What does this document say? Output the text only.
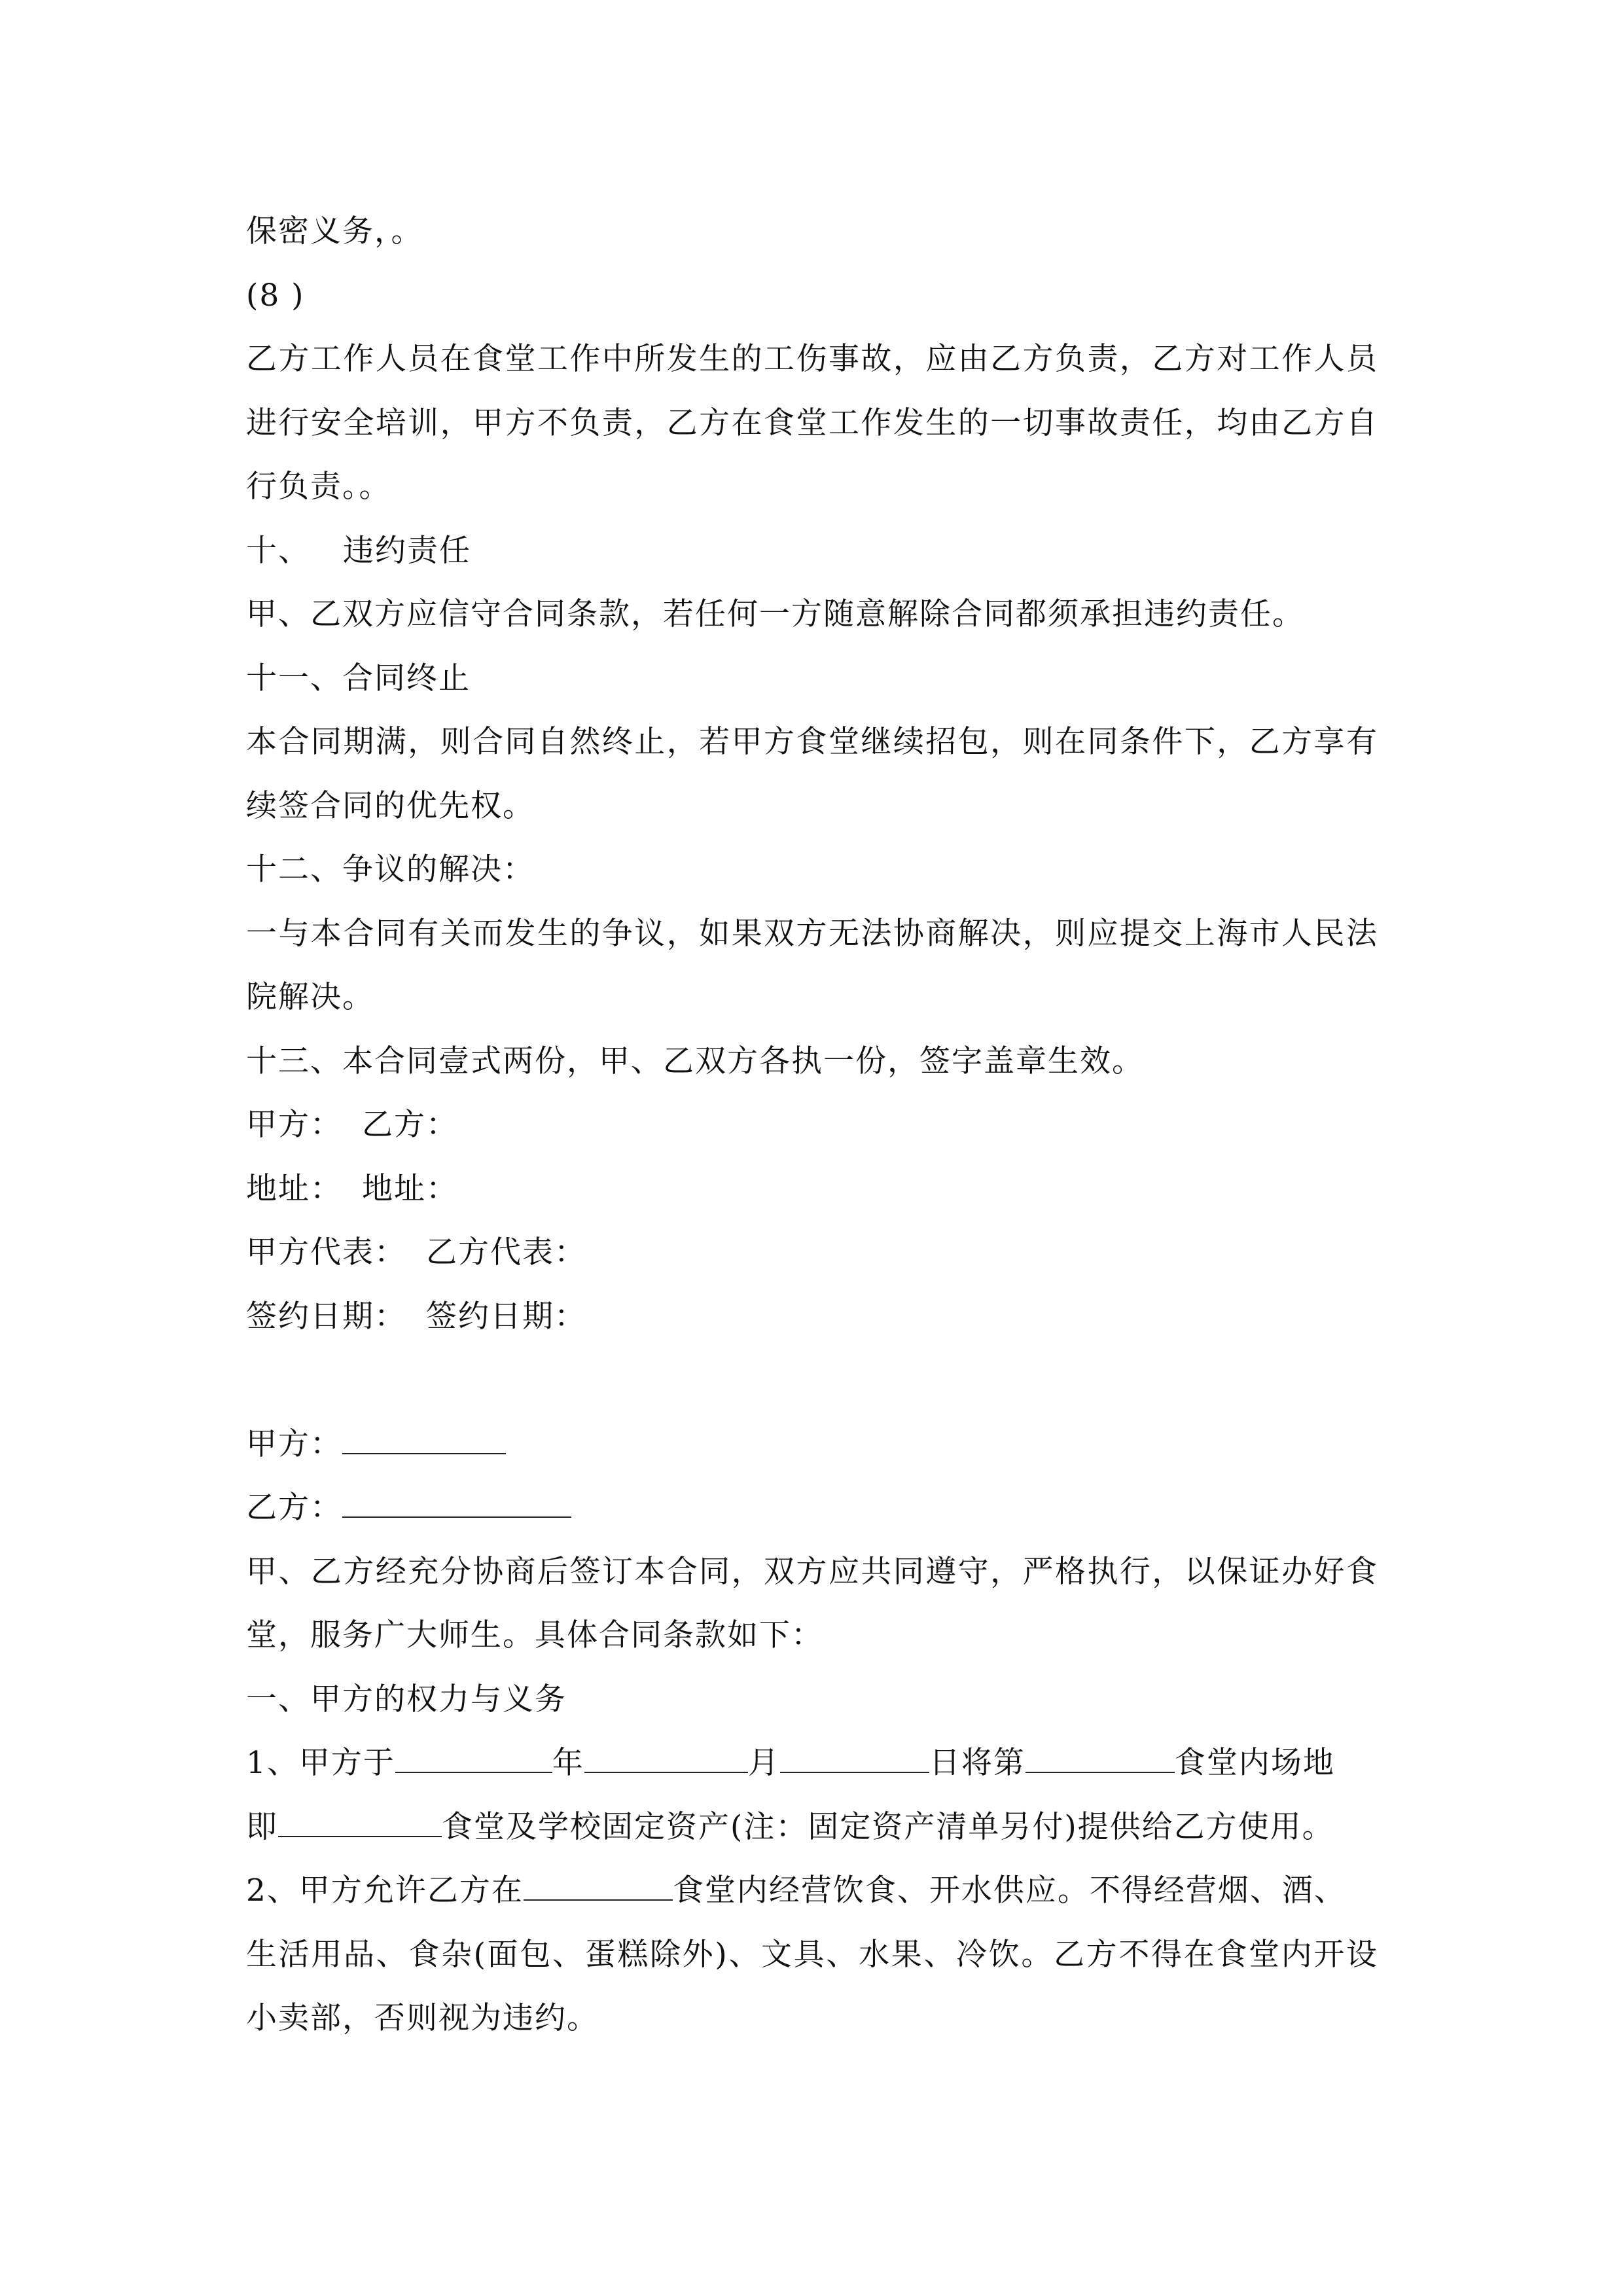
保密义务，。
(8 )
乙方工作人员在食堂工作中所发生的工伤事故，应由乙方负责，乙方对工作人员
进行安全培训，甲方不负责，乙方在食堂工作发生的一切事故责任，均由乙方自
行负责。。
十、 违约责任
甲、乙双方应信守合同条款，若任何一方随意解除合同都须承担违约责任。
十一、合同终止
本合同期满，则合同自然终止，若甲方食堂继续招包，则在同条件下，乙方享有
续签合同的优先权。
十二、争议的解决：
一与本合同有关而发生的争议，如果双方无法协商解决，则应提交上海市人民法
院解决。
十三、本合同壹式两份，甲、乙双方各执一份，签字盖章生效。
甲方： 乙方：
地址： 地址：
甲方代表： 乙方代表：
签约日期： 签约日期：
甲方：
乙方：
甲、乙方经充分协商后签订本合同，双方应共同遵守，严格执行，以保证办好食
堂，服务广大师生。具体合同条款如下：
一、甲方的权力与义务
1、甲方于	年	月	日将第	食堂内场地
即	食堂及学校固定资产(注：固定资产清单另付)提供给乙方使用。
2、甲方允许乙方在	食堂内经营饮食、开水供应。不得经营烟、酒、
生活用品、食杂(面包、蛋糕除外)、文具、水果、冷饮。乙方不得在食堂内开设
小卖部，否则视为违约。
